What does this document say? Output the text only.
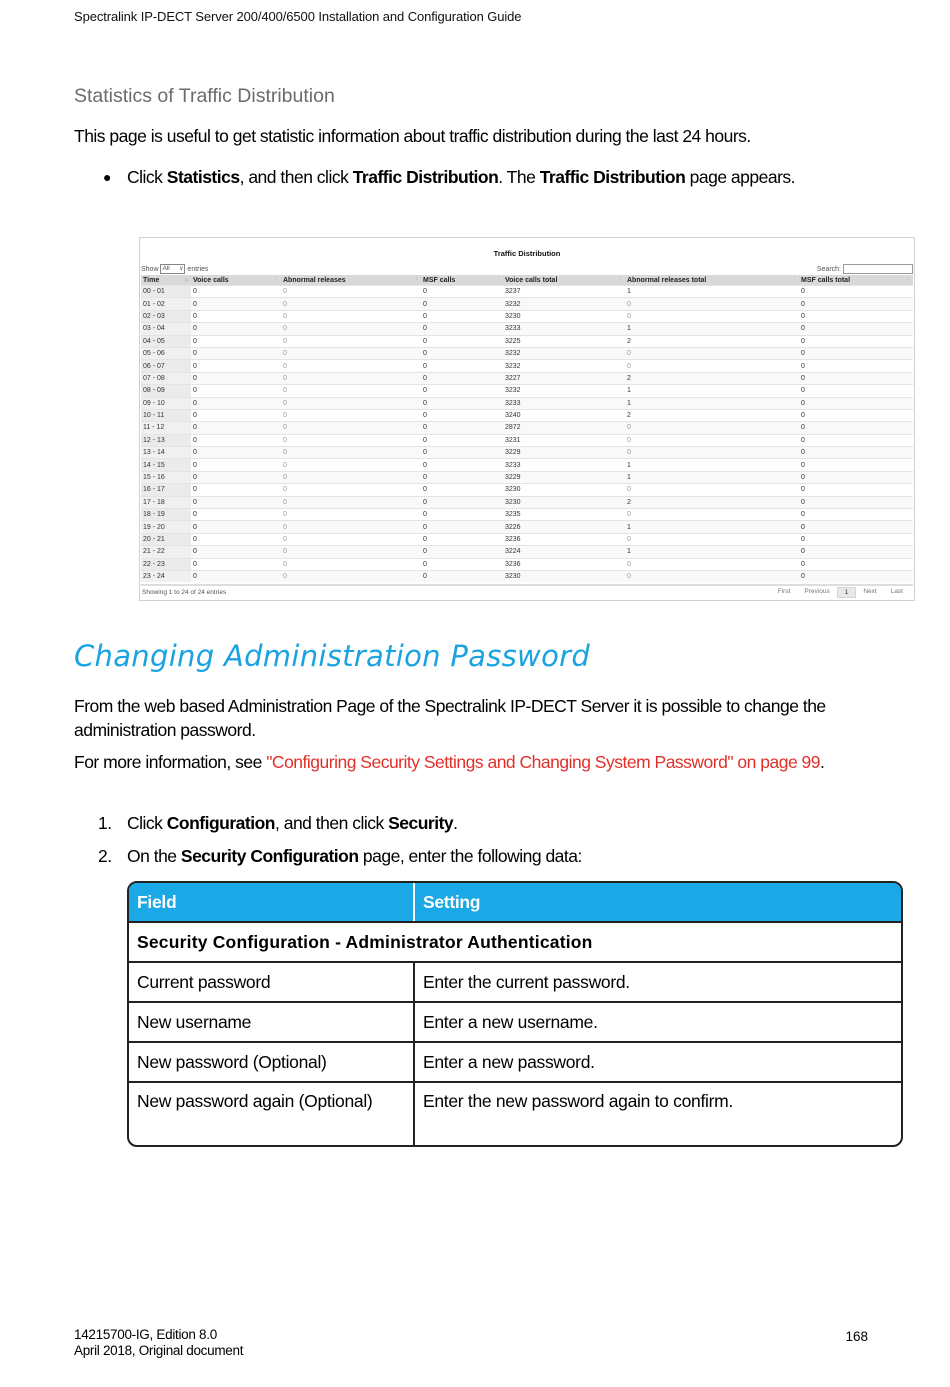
Spectralink IP-DECT Server 200/400/6500 Installation and Configuration Guide
Statistics of Traffic Distribution
This page is useful to get statistic information about traffic distribution during the last 24 hours.
● Click Statistics, and then click Traffic Distribution. The Traffic Distribution page appears.
Traffic Distribution
Show All ∨	entries	Search:
Time ▴	Voice calls ↕	Abnormal releases ↕	MSF calls ↕	Voice calls total ↕	Abnormal releases total ↕	MSF calls total ↕

00 - 01	0	0	0	3237	1	0
01 - 02	0	0	0	3232	0	0
02 - 03	0	0	0	3230	0	0
03 - 04	0	0	0	3233	1	0
04 - 05	0	0	0	3225	2	0
05 - 06	0	0	0	3232	0	0
06 - 07	0	0	0	3232	0	0
07 - 08	0	0	0	3227	2	0
08 - 09	0	0	0	3232	1	0
09 - 10	0	0	0	3233	1	0
10 - 11	0	0	0	3240	2	0
11 - 12	0	0	0	2872	0	0
12 - 13	0	0	0	3231	0	0
13 - 14	0	0	0	3229	0	0
14 - 15	0	0	0	3233	1	0
15 - 16	0	0	0	3229	1	0
16 - 17	0	0	0	3230	0	0
17 - 18	0	0	0	3230	2	0
18 - 19	0	0	0	3235	0	0
19 - 20	0	0	0	3226	1	0
20 - 21	0	0	0	3236	0	0
21 - 22	0	0	0	3224	1	0
22 - 23	0	0	0	3236	0	0
23 - 24	0	0	0	3230	0	0
Showing 1 to 24 of 24 entries	First	Previous	1	Next	Last
Changing Administration Password
From the web based Administration Page of the Spectralink IP-DECT Server it is possible to change the administration password.
For more information, see "Configuring Security Settings and Changing System Password" on page 99.
1. Click Configuration, and then click Security.
2. On the Security Configuration page, enter the following data:
Field	Setting
Security Configuration - Administrator Authentication
Current password	Enter the current password.
New username	Enter a new username.
New password (Optional)	Enter a new password.
New password again (Optional)	Enter the new password again to confirm.
14215700-IG, Edition 8.0
April 2018, Original document
168
